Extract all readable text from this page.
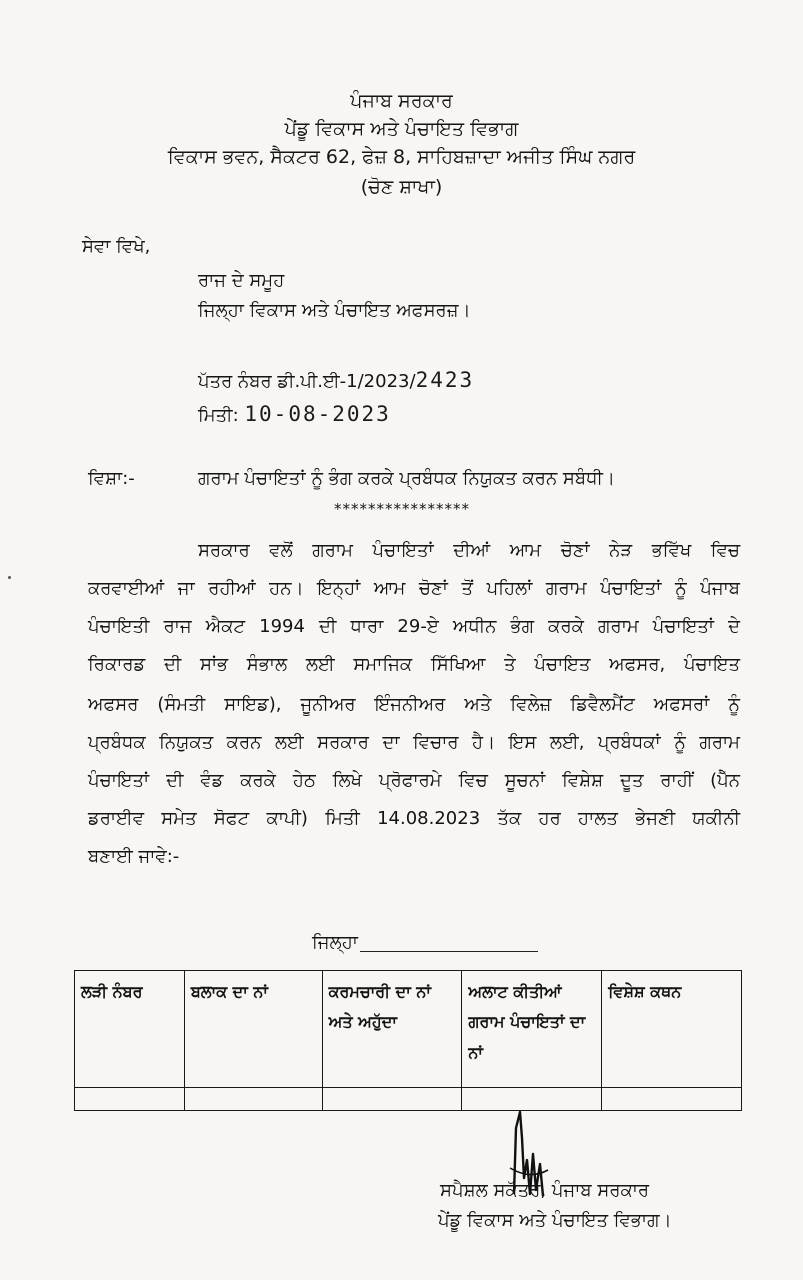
ਪੰਜਾਬ ਸਰਕਾਰ
ਪੇਂਡੂ ਵਿਕਾਸ ਅਤੇ ਪੰਚਾਇਤ ਵਿਭਾਗ
ਵਿਕਾਸ ਭਵਨ, ਸੈਕਟਰ 62, ਫੇਜ਼ 8, ਸਾਹਿਬਜ਼ਾਦਾ ਅਜੀਤ ਸਿੰਘ ਨਗਰ
(ਚੋਣ ਸ਼ਾਖਾ)
ਸੇਵਾ ਵਿਖੇ,
ਰਾਜ ਦੇ ਸਮੂਹ
ਜਿਲ੍ਹਾ ਵਿਕਾਸ ਅਤੇ ਪੰਚਾਇਤ ਅਫਸਰਜ਼।
ਪੱਤਰ ਨੰਬਰ ਡੀ.ਪੀ.ਈ-1/2023/2423
ਮਿਤੀ: 10-08-2023
ਵਿਸ਼ਾ:-	ਗਰਾਮ ਪੰਚਾਇਤਾਂ ਨੂੰ ਭੰਗ ਕਰਕੇ ਪ੍ਰਬੰਧਕ ਨਿਯੁਕਤ ਕਰਨ ਸਬੰਧੀ।
****************
ਸਰਕਾਰ ਵਲੋਂ ਗਰਾਮ ਪੰਚਾਇਤਾਂ ਦੀਆਂ ਆਮ ਚੋਣਾਂ ਨੇੜ ਭਵਿੱਖ ਵਿਚ
ਕਰਵਾਈਆਂ ਜਾ ਰਹੀਆਂ ਹਨ। ਇਨ੍ਹਾਂ ਆਮ ਚੋਣਾਂ ਤੋਂ ਪਹਿਲਾਂ ਗਰਾਮ ਪੰਚਾਇਤਾਂ ਨੂੰ ਪੰਜਾਬ
ਪੰਚਾਇਤੀ ਰਾਜ ਐਕਟ 1994 ਦੀ ਧਾਰਾ 29-ਏ ਅਧੀਨ ਭੰਗ ਕਰਕੇ ਗਰਾਮ ਪੰਚਾਇਤਾਂ ਦੇ
ਰਿਕਾਰਡ ਦੀ ਸਾਂਭ ਸੰਭਾਲ ਲਈ ਸਮਾਜਿਕ ਸਿੱਖਿਆ ਤੇ ਪੰਚਾਇਤ ਅਫਸਰ, ਪੰਚਾਇਤ
ਅਫਸਰ (ਸੰਮਤੀ ਸਾਇਡ), ਜੂਨੀਅਰ ਇੰਜਨੀਅਰ ਅਤੇ ਵਿਲੇਜ਼ ਡਿਵੈਲਮੈਂਟ ਅਫਸਰਾਂ ਨੂੰ
ਪ੍ਰਬੰਧਕ ਨਿਯੁਕਤ ਕਰਨ ਲਈ ਸਰਕਾਰ ਦਾ ਵਿਚਾਰ ਹੈ। ਇਸ ਲਈ, ਪ੍ਰਬੰਧਕਾਂ ਨੂੰ ਗਰਾਮ
ਪੰਚਾਇਤਾਂ ਦੀ ਵੰਡ ਕਰਕੇ ਹੇਠ ਲਿਖੇ ਪ੍ਰੋਫਾਰਮੇ ਵਿਚ ਸੂਚਨਾਂ ਵਿਸ਼ੇਸ਼ ਦੂਤ ਰਾਹੀਂ (ਪੈੱਨ
ਡਰਾਈਵ ਸਮੇਤ ਸੋਫਟ ਕਾਪੀ) ਮਿਤੀ 14.08.2023 ਤੱਕ ਹਰ ਹਾਲਤ ਭੇਜਣੀ ਯਕੀਨੀ
ਬਣਾਈ ਜਾਵੇ:-
ਜਿਲ੍ਹਾ
ਲੜੀ ਨੰਬਰ	ਬਲਾਕ ਦਾ ਨਾਂ	ਕਰਮਚਾਰੀ ਦਾ ਨਾਂ ਅਤੇ ਅਹੁੱਦਾ	ਅਲਾਟ ਕੀਤੀਆਂ ਗਰਾਮ ਪੰਚਾਇਤਾਂ ਦਾ ਨਾਂ	ਵਿਸ਼ੇਸ਼ ਕਥਨ

ਸਪੈਸ਼ਲ ਸਕੱਤਰ, ਪੰਜਾਬ ਸਰਕਾਰ
ਪੇਂਡੂ ਵਿਕਾਸ ਅਤੇ ਪੰਚਾਇਤ ਵਿਭਾਗ।
